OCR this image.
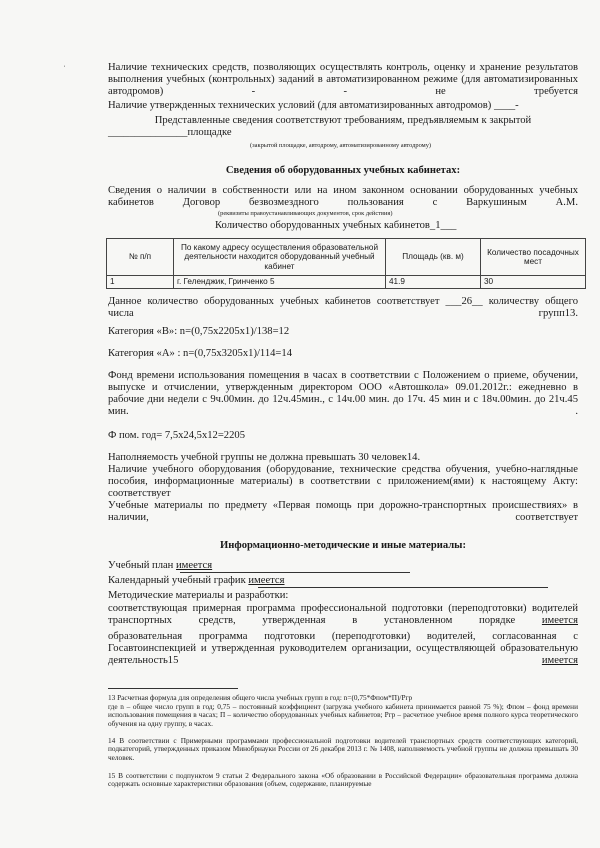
ˌ	Наличие технических средств, позволяющих осуществлять контроль, оценку и хранение результатов выполнения учебных (контрольных) заданий в автоматизированном режиме (для автоматизированных автодромов) - - не требуется

Наличие утвержденных технических условий (для автоматизированных автодромов) ____-

Представленные сведения соответствуют требованиям, предъявляемым к закрытой

_______________площадке

(закрытой площадке, автодрому, автоматизированному автодрому)

Сведения об оборудованных учебных кабинетах:

Сведения о наличии в собственности или на ином законном основании оборудованных учебных кабинетов Договор безвозмездного пользования с Варкушиным А.М.

(реквизиты правоустанавливающих документов, срок действия)

Количество оборудованных учебных кабинетов_1___

№ п/п	По какому адресу осуществления образовательной деятельности находится оборудованный учебный кабинет	Площадь (кв. м)	Количество посадочных мест
1	г. Геленджик, Гринченко 5	41.9	30

Данное количество оборудованных учебных кабинетов соответствует ___26__ количеству общего числа групп13.

Категория «В»: n=(0,75x2205x1)/138=12

Категория «А» : n=(0,75x3205x1)/114=14

Фонд времени использования помещения в часах в соответствии с Положением о приеме, обучении, выпуске и отчислении, утвержденным директором ООО «Автошкола» 09.01.2012г.: ежедневно в рабочие дни недели с 9ч.00мин. до 12ч.45мин., с 14ч.00 мин. до 17ч. 45 мин и с 18ч.00мин. до 21ч.45 мин. .

Ф пом. год= 7,5x24,5x12=2205

Наполняемость учебной группы не должна превышать 30 человек14.

Наличие учебного оборудования (оборудование, технические средства обучения, учебно-наглядные пособия, информационные материалы) в соответствии с приложением(ями) к настоящему Акту: соответствует

Учебные материалы по предмету «Первая помощь при дорожно-транспортных происшествиях» в наличии, соответствует

Информационно-методические и иные материалы:

Учебный план имеется

Календарный учебный график имеется

Методические материалы и разработки:

соответствующая примерная программа профессиональной подготовки (переподготовки) водителей транспортных средств, утвержденная в установленном порядке	имеется

образовательная программа подготовки (переподготовки) водителей, согласованная с Госавтоинспекцией и утвержденная руководителем организации, осуществляющей образовательную деятельность15	имеется

13 Расчетная формула для определения общего числа учебных групп в год: n=(0,75*Фпом*П)/Ргр

где n – общее число групп в год; 0,75 – постоянный коэффициент (загрузка учебного кабинета принимается равной 75 %); Фпом – фонд времени использования помещения в часах; П – количество оборудованных учебных кабинетов; Ргр – расчетное учебное время полного курса теоретического обучения на одну группу, в часах.

14 В соответствии с Примерными программами профессиональной подготовки водителей транспортных средств соответствующих категорий, подкатегорий, утвержденных приказом Минобрнауки России от 26 декабря 2013 г. № 1408, наполняемость учебной группы не должна превышать 30 человек.

15 В соответствии с подпунктом 9 статьи 2 Федерального закона «Об образовании в Российской Федерации» образовательная программа должна содержать основные характеристики образования (объем, содержание, планируемые
